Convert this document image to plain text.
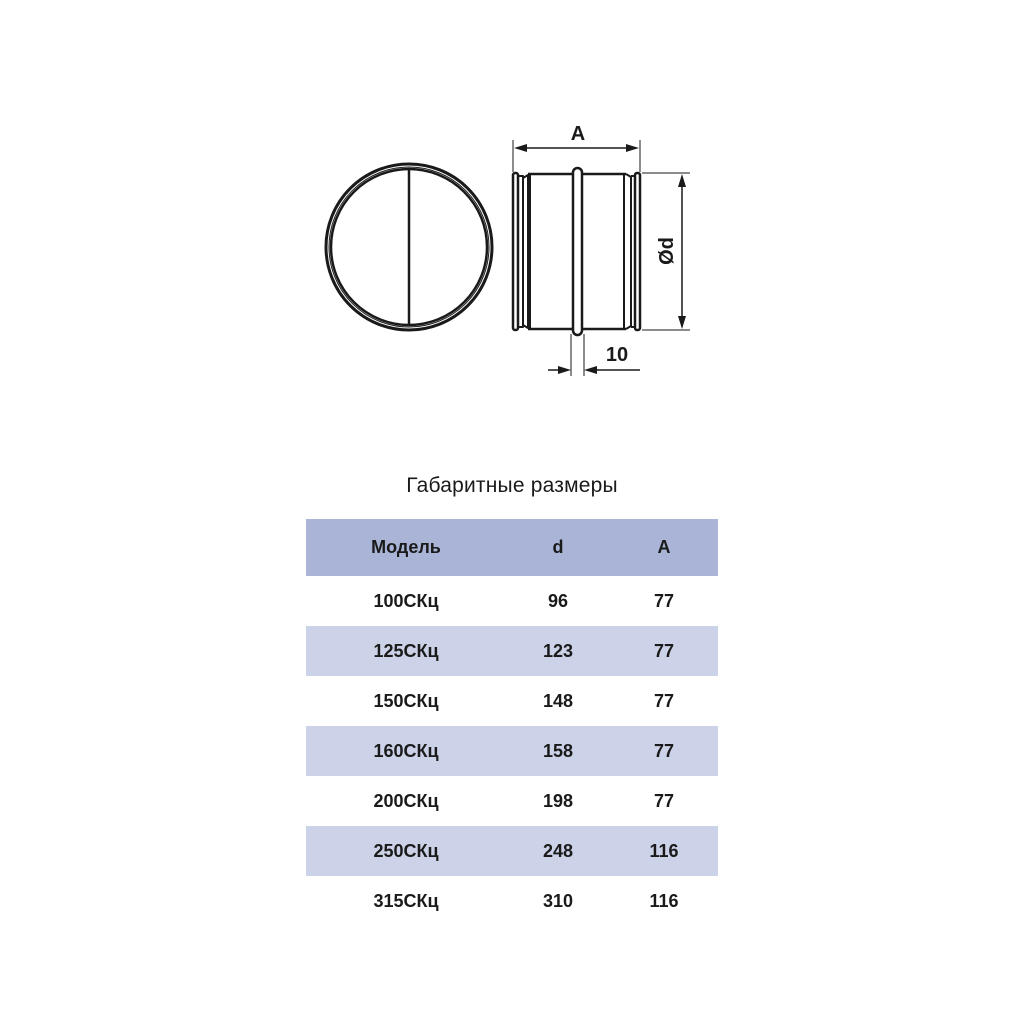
A
Ød
10
Габаритные размеры
Модель	d	A
100СКц	96	77
125СКц	123	77
150СКц	148	77
160СКц	158	77
200СКц	198	77
250СКц	248	116
315СКц	310	116
